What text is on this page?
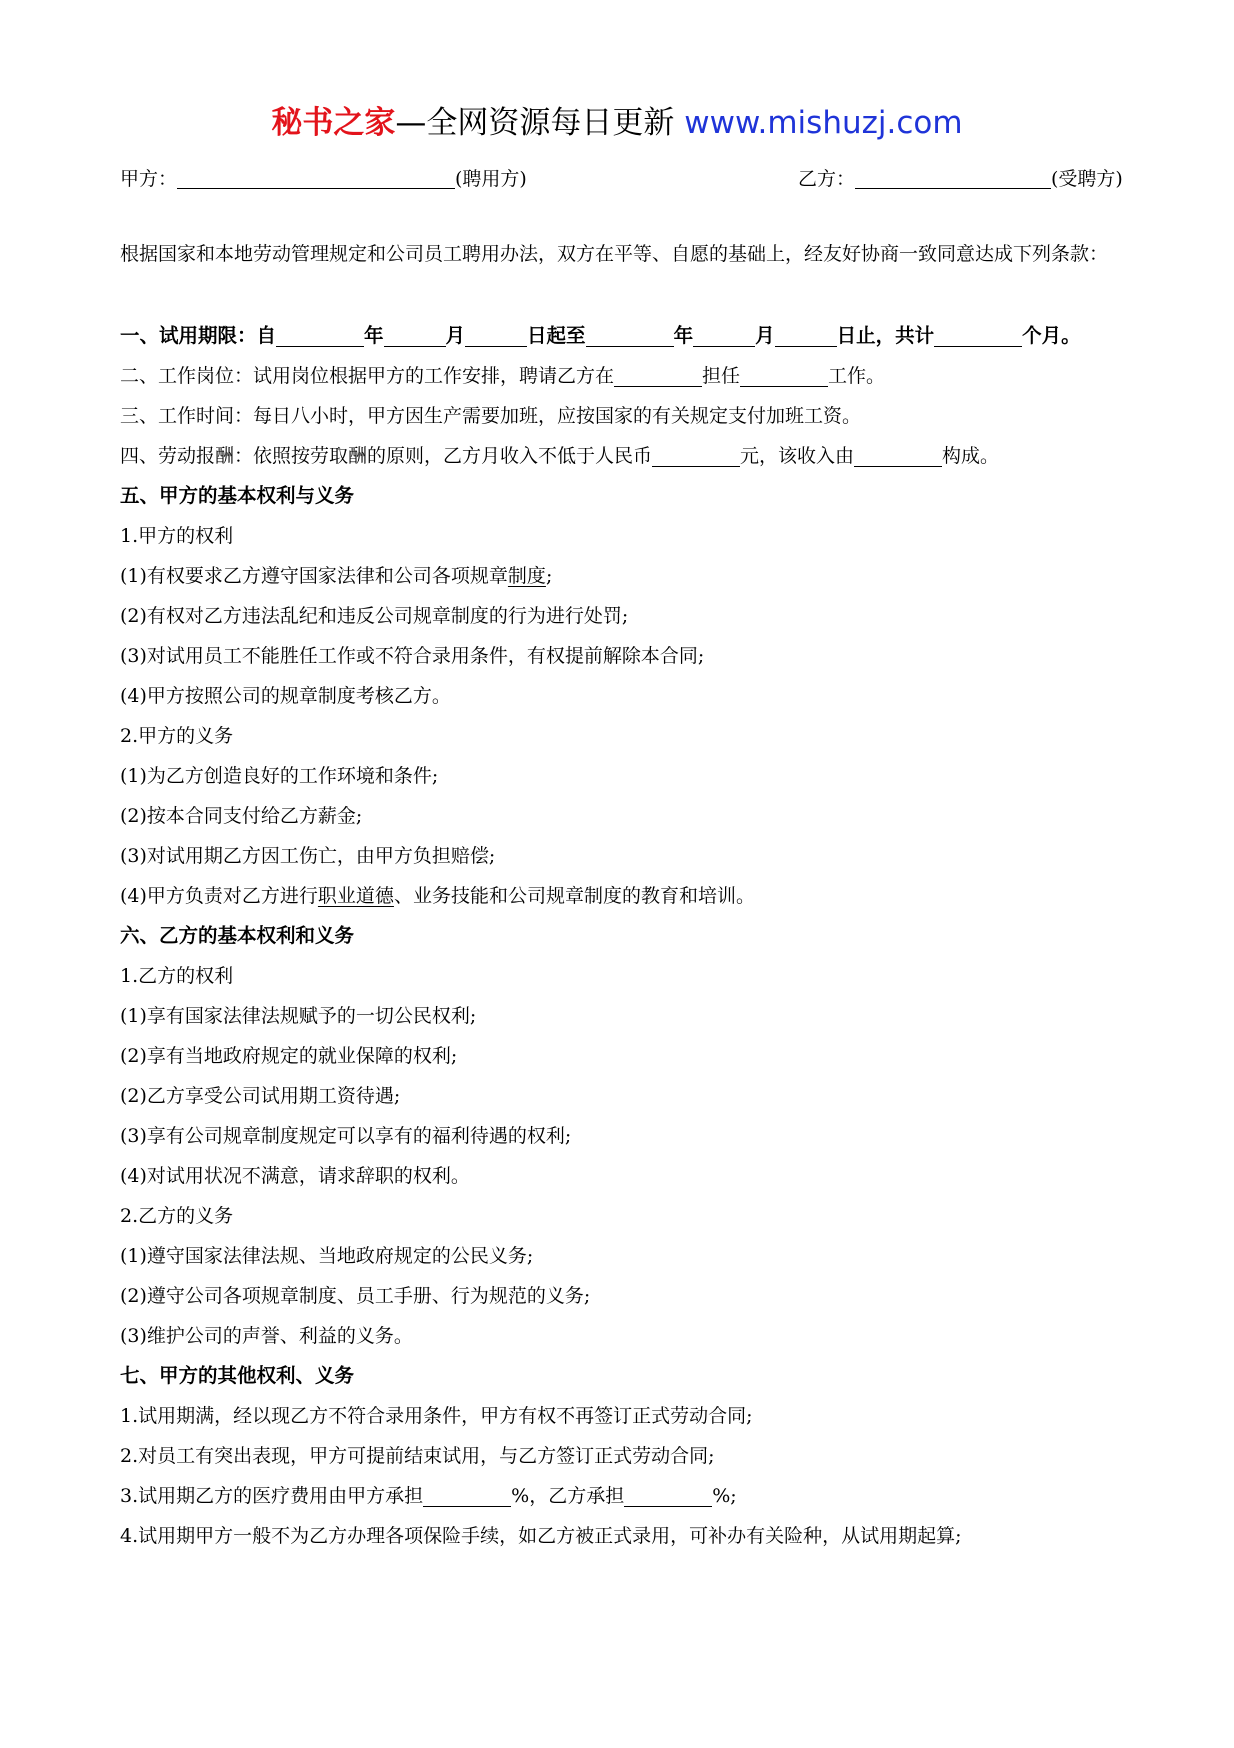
秘书之家—全网资源每日更新 www.mishuzj.com
甲方：	(聘用方)	乙方：	(受聘方)
根据国家和本地劳动管理规定和公司员工聘用办法，双方在平等、自愿的基础上，经友好协商一致同意达成下列条款：
一、试用期限：自	年	月	日起至	年	月	日止，共计	个月。
二、工作岗位：试用岗位根据甲方的工作安排，聘请乙方在	担任	工作。
三、工作时间：每日八小时，甲方因生产需要加班，应按国家的有关规定支付加班工资。
四、劳动报酬：依照按劳取酬的原则，乙方月收入不低于人民币	元，该收入由	构成。
五、甲方的基本权利与义务
1.甲方的权利
(1)有权要求乙方遵守国家法律和公司各项规章制度;
(2)有权对乙方违法乱纪和违反公司规章制度的行为进行处罚;
(3)对试用员工不能胜任工作或不符合录用条件，有权提前解除本合同;
(4)甲方按照公司的规章制度考核乙方。
2.甲方的义务
(1)为乙方创造良好的工作环境和条件;
(2)按本合同支付给乙方薪金;
(3)对试用期乙方因工伤亡，由甲方负担赔偿;
(4)甲方负责对乙方进行职业道德、业务技能和公司规章制度的教育和培训。
六、乙方的基本权利和义务
1.乙方的权利
(1)享有国家法律法规赋予的一切公民权利;
(2)享有当地政府规定的就业保障的权利;
(2)乙方享受公司试用期工资待遇;
(3)享有公司规章制度规定可以享有的福利待遇的权利;
(4)对试用状况不满意，请求辞职的权利。
2.乙方的义务
(1)遵守国家法律法规、当地政府规定的公民义务;
(2)遵守公司各项规章制度、员工手册、行为规范的义务;
(3)维护公司的声誉、利益的义务。
七、甲方的其他权利、义务
1.试用期满，经以现乙方不符合录用条件，甲方有权不再签订正式劳动合同;
2.对员工有突出表现，甲方可提前结束试用，与乙方签订正式劳动合同;
3.试用期乙方的医疗费用由甲方承担	%，乙方承担	%;
4.试用期甲方一般不为乙方办理各项保险手续，如乙方被正式录用，可补办有关险种，从试用期起算;
